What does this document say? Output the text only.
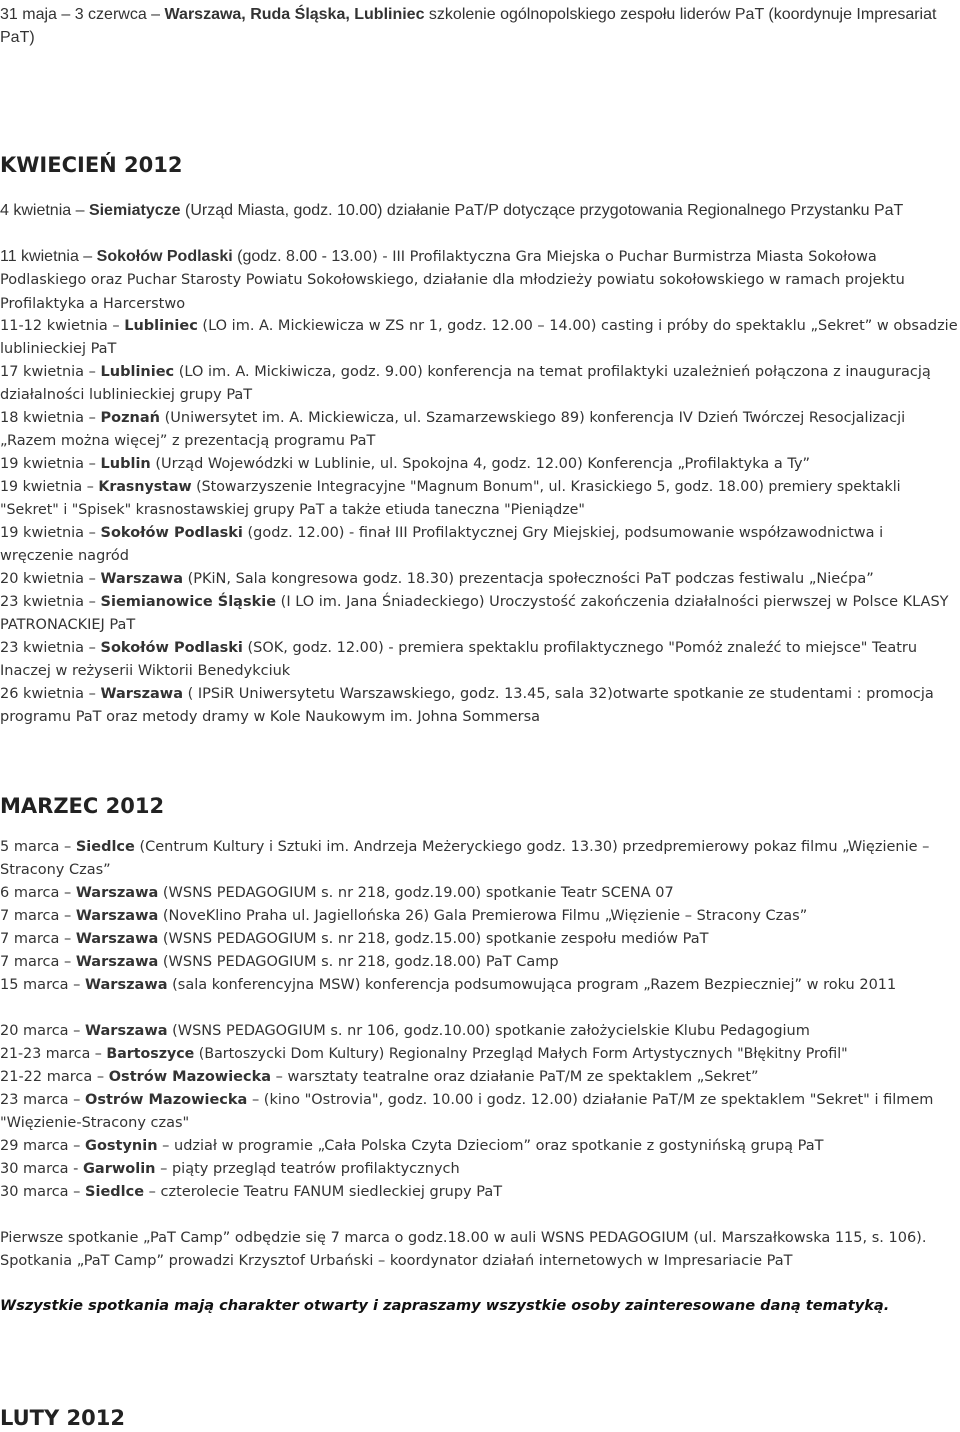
31 maja – 3 czerwca – Warszawa, Ruda Śląska, Lubliniec szkolenie ogólnopolskiego zespołu liderów PaT (koordynuje Impresariat PaT)
KWIECIEŃ 2012
4 kwietnia – Siemiatycze (Urząd Miasta, godz. 10.00) działanie PaT/P dotyczące przygotowania Regionalnego Przystanku PaT
11 kwietnia – Sokołów Podlaski (godz. 8.00 - 13.00) - III Profilaktyczna Gra Miejska o Puchar Burmistrza Miasta Sokołowa Podlaskiego oraz Puchar Starosty Powiatu Sokołowskiego, działanie dla młodzieży powiatu sokołowskiego w ramach projektu Profilaktyka a Harcerstwo
11-12 kwietnia – Lubliniec (LO im. A. Mickiewicza w ZS nr 1, godz. 12.00 – 14.00) casting i próby do spektaklu „Sekret” w obsadzie lublinieckiej PaT
17 kwietnia – Lubliniec (LO im. A. Mickiwicza, godz. 9.00) konferencja na temat profilaktyki uzależnień połączona z inauguracją działalności lublinieckiej grupy PaT
18 kwietnia – Poznań (Uniwersytet im. A. Mickiewicza, ul. Szamarzewskiego 89) konferencja IV Dzień Twórczej Resocjalizacji „Razem można więcej” z prezentacją programu PaT
19 kwietnia – Lublin (Urząd Wojewódzki w Lublinie, ul. Spokojna 4, godz. 12.00) Konferencja „Profilaktyka a Ty”
19 kwietnia – Krasnystaw (Stowarzyszenie Integracyjne "Magnum Bonum", ul. Krasickiego 5, godz. 18.00) premiery spektakli "Sekret" i "Spisek" krasnostawskiej grupy PaT a także etiuda taneczna "Pieniądze"
19 kwietnia – Sokołów Podlaski (godz. 12.00) - finał III Profilaktycznej Gry Miejskiej, podsumowanie współzawodnictwa i wręczenie nagród
20 kwietnia – Warszawa (PKiN, Sala kongresowa godz. 18.30) prezentacja społeczności PaT podczas festiwalu „Niećpa”
23 kwietnia – Siemianowice Śląskie (I LO im. Jana Śniadeckiego) Uroczystość zakończenia działalności pierwszej w Polsce KLASY PATRONACKIEJ PaT
23 kwietnia – Sokołów Podlaski (SOK, godz. 12.00) - premiera spektaklu profilaktycznego "Pomóż znaleźć to miejsce" Teatru Inaczej w reżyserii Wiktorii Benedykciuk
26 kwietnia – Warszawa ( IPSiR Uniwersytetu Warszawskiego, godz. 13.45, sala 32)otwarte spotkanie ze studentami : promocja programu PaT oraz metody dramy w Kole Naukowym im. Johna Sommersa
MARZEC 2012
5 marca – Siedlce (Centrum Kultury i Sztuki im. Andrzeja Meżeryckiego godz. 13.30) przedpremierowy pokaz filmu „Więzienie – Stracony Czas”
6 marca – Warszawa (WSNS PEDAGOGIUM s. nr 218, godz.19.00) spotkanie Teatr SCENA 07
7 marca – Warszawa (NoveKlino Praha ul. Jagiellońska 26) Gala Premierowa Filmu „Więzienie – Stracony Czas”
7 marca – Warszawa (WSNS PEDAGOGIUM s. nr 218, godz.15.00) spotkanie zespołu mediów PaT
7 marca – Warszawa (WSNS PEDAGOGIUM s. nr 218, godz.18.00) PaT Camp
15 marca – Warszawa (sala konferencyjna MSW) konferencja podsumowująca program „Razem Bezpieczniej” w roku 2011
20 marca – Warszawa (WSNS PEDAGOGIUM s. nr 106, godz.10.00) spotkanie założycielskie Klubu Pedagogium
21-23 marca – Bartoszyce (Bartoszycki Dom Kultury) Regionalny Przegląd Małych Form Artystycznych "Błękitny Profil"
21-22 marca – Ostrów Mazowiecka – warsztaty teatralne oraz działanie PaT/M ze spektaklem „Sekret”
23 marca – Ostrów Mazowiecka – (kino "Ostrovia", godz. 10.00 i godz. 12.00) działanie PaT/M ze spektaklem "Sekret" i filmem "Więzienie-Stracony czas"
29 marca – Gostynin – udział w programie „Cała Polska Czyta Dzieciom” oraz spotkanie z gostynińską grupą PaT
30 marca - Garwolin – piąty przegląd teatrów profilaktycznych
30 marca – Siedlce – czterolecie Teatru FANUM siedleckiej grupy PaT
Pierwsze spotkanie „PaT Camp” odbędzie się 7 marca o godz.18.00 w auli WSNS PEDAGOGIUM (ul. Marszałkowska 115, s. 106). Spotkania „PaT Camp” prowadzi Krzysztof Urbański – koordynator działań internetowych w Impresariacie PaT
Wszystkie spotkania mają charakter otwarty i zapraszamy wszystkie osoby zainteresowane daną tematyką.
LUTY 2012
